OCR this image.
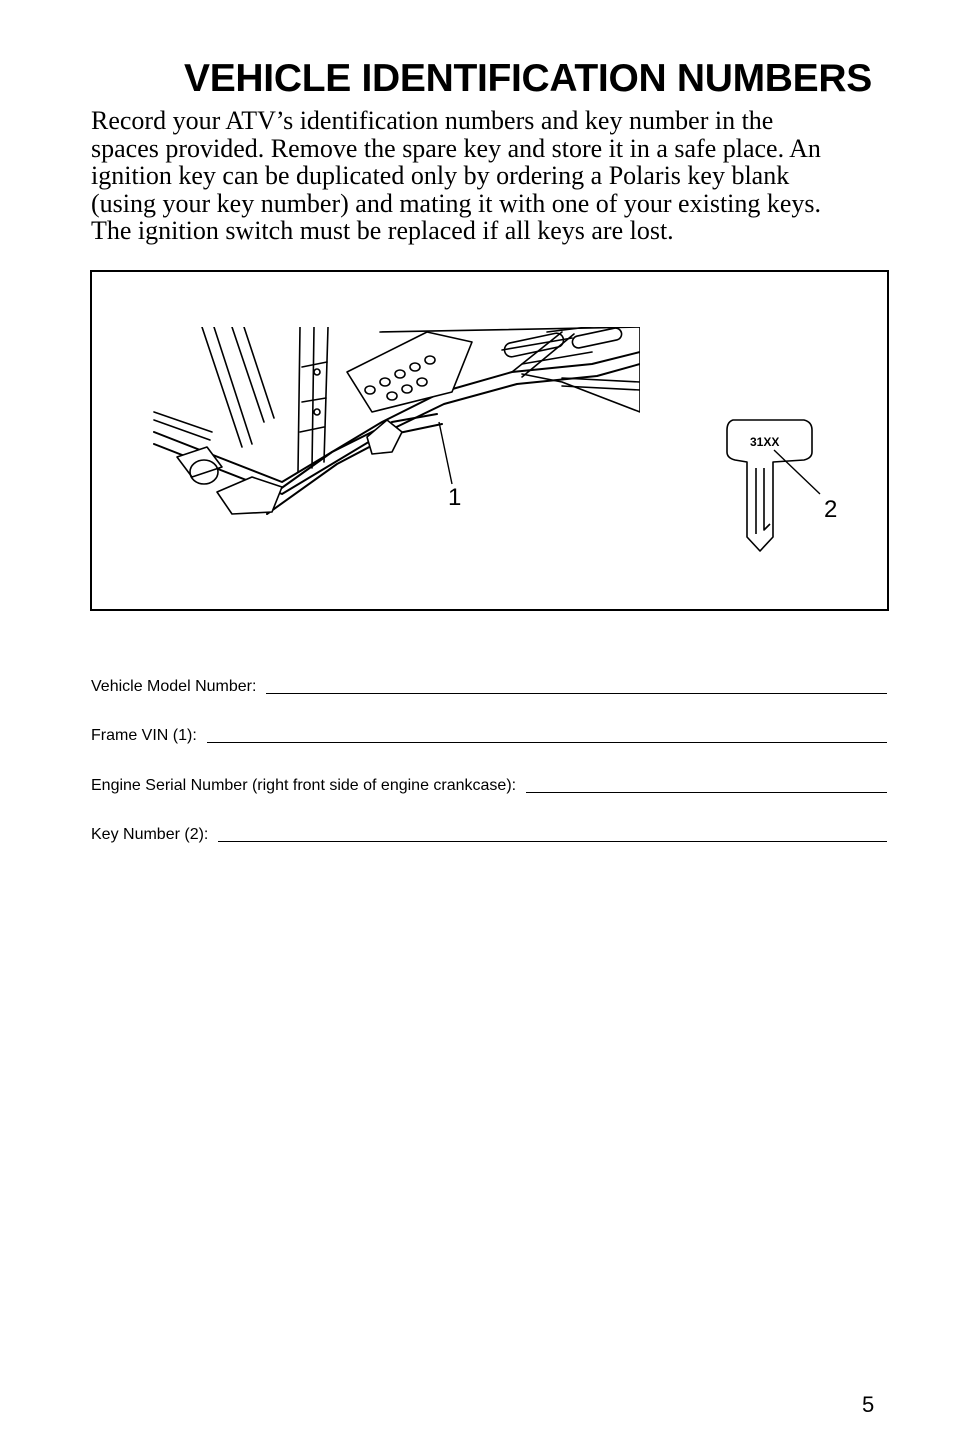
VEHICLE IDENTIFICATION NUMBERS
Record your ATV’s identification numbers and key number in the
spaces provided. Remove the spare key and store it in a safe place. An
ignition key can be duplicated only by ordering a Polaris key blank
(using your key number) and mating it with one of your existing keys.
The ignition switch must be replaced if all keys are lost.
1	2
31XX
Vehicle Model Number:
Frame VIN (1):
Engine Serial Number (right front side of engine crankcase):
Key Number (2):
5
